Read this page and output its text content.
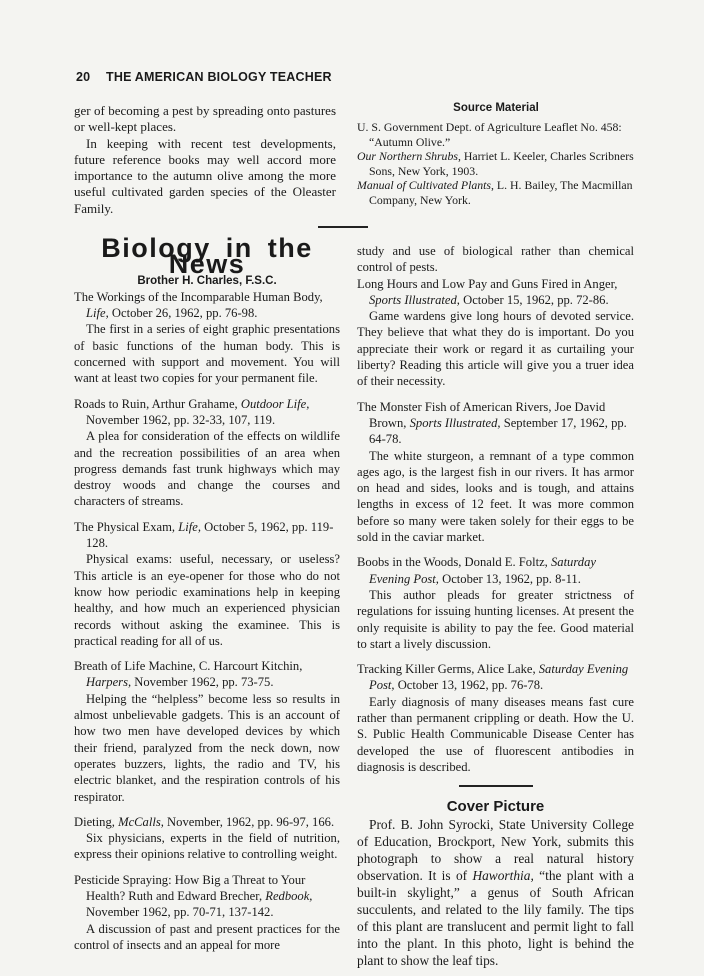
20 THE AMERICAN BIOLOGY TEACHER

ger of becoming a pest by spreading onto pastures or well-kept places.

In keeping with recent test developments, future reference books may well accord more importance to the autumn olive among the more useful cultivated garden species of the Oleaster Family.

Source Material
U. S. Government Dept. of Agriculture Leaflet No. 458: “Autumn Olive.”
Our Northern Shrubs, Harriet L. Keeler, Charles Scribners Sons, New York, 1903.
Manual of Cultivated Plants, L. H. Bailey, The Macmillan Company, New York.

Biology in the News

Brother H. Charles, F.S.C.

The Workings of the Incomparable Human Body, Life, October 26, 1962, pp. 76-98.

The first in a series of eight graphic presentations of basic functions of the human body. This is concerned with support and movement. You will want at least two copies for your permanent file.

Roads to Ruin, Arthur Grahame, Outdoor Life, November 1962, pp. 32-33, 107, 119.

A plea for consideration of the effects on wildlife and the recreation possibilities of an area when progress demands fast trunk highways which may destroy woods and change the courses and characters of streams.

The Physical Exam, Life, October 5, 1962, pp. 119-128.

Physical exams: useful, necessary, or useless? This article is an eye-opener for those who do not know how periodic examinations help in keeping healthy, and how much an experienced physician records without asking the examinee. This is practical reading for all of us.

Breath of Life Machine, C. Harcourt Kitchin, Harpers, November 1962, pp. 73-75.

Helping the “helpless” become less so results in almost unbelievable gadgets. This is an account of how two men have developed devices by which their friend, paralyzed from the neck down, now operates buzzers, lights, the radio and TV, his electric blanket, and the respiration controls of his respirator.

Dieting, McCalls, November, 1962, pp. 96-97, 166.

Six physicians, experts in the field of nutrition, express their opinions relative to controlling weight.

Pesticide Spraying: How Big a Threat to Your Health? Ruth and Edward Brecher, Redbook, November 1962, pp. 70-71, 137-142.

A discussion of past and present practices for the control of insects and an appeal for more

study and use of biological rather than chemical control of pests.

Long Hours and Low Pay and Guns Fired in Anger, Sports Illustrated, October 15, 1962, pp. 72-86.

Game wardens give long hours of devoted service. They believe that what they do is important. Do you appreciate their work or regard it as curtailing your liberty? Reading this article will give you a truer idea of their necessity.

The Monster Fish of American Rivers, Joe David Brown, Sports Illustrated, September 17, 1962, pp. 64-78.

The white sturgeon, a remnant of a type common ages ago, is the largest fish in our rivers. It has armor on head and sides, looks and is tough, and attains lengths in excess of 12 feet. It was more common before so many were taken solely for their eggs to be sold in the caviar market.

Boobs in the Woods, Donald E. Foltz, Saturday Evening Post, October 13, 1962, pp. 8-11.

This author pleads for greater strictness of regulations for issuing hunting licenses. At present the only requisite is ability to pay the fee. Good material to start a lively discussion.

Tracking Killer Germs, Alice Lake, Saturday Evening Post, October 13, 1962, pp. 76-78.

Early diagnosis of many diseases means fast cure rather than permanent crippling or death. How the U. S. Public Health Communicable Disease Center has developed the use of fluorescent antibodies in diagnosis is described.

Cover Picture

Prof. B. John Syrocki, State University College of Education, Brockport, New York, submits this photograph to show a real natural history observation. It is of Haworthia, “the plant with a built-in skylight,” a genus of South African succulents, and related to the lily family. The tips of this plant are translucent and permit light to fall into the plant. In this photo, light is behind the plant to show the leaf tips.
